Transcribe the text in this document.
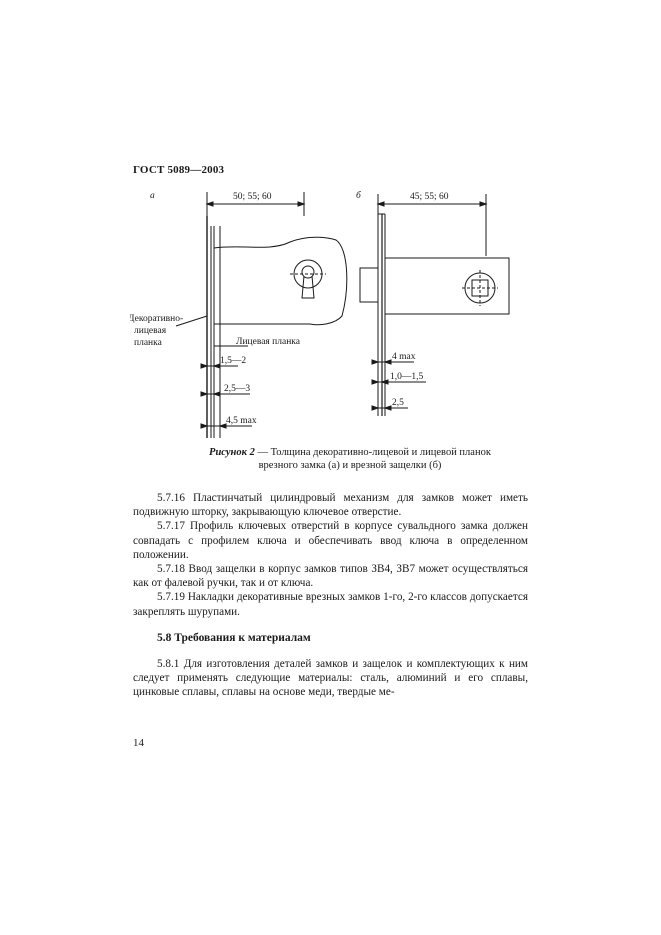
ГОСТ 5089—2003
а	50; 55; 60
Декоративно-
лицевая
планка	Лицевая планка
1,5—2
2,5—3
4,5 max
б	45; 55; 60
4 max
1,0—1,5
2,5
Рисунок 2 — Толщина декоративно-лицевой и лицевой планок
врезного замка (а) и врезной защелки (б)

5.7.16 Пластинчатый цилиндровый механизм для замков может иметь подвижную шторку, закрывающую ключевое отверстие.

5.7.17 Профиль ключевых отверстий в корпусе сувальдного замка должен совпадать с профилем ключа и обеспечивать ввод ключа в определенном положении.

5.7.18 Ввод защелки в корпус замков типов ЗВ4, ЗВ7 может осуществляться как от фалевой ручки, так и от ключа.

5.7.19 Накладки декоративные врезных замков 1-го, 2-го классов допускается закреплять шурупами.

5.8 Требования к материалам

5.8.1 Для изготовления деталей замков и защелок и комплектующих к ним следует применять следующие материалы: сталь, алюминий и его сплавы, цинковые сплавы, сплавы на основе меди, твердые ме-

14
